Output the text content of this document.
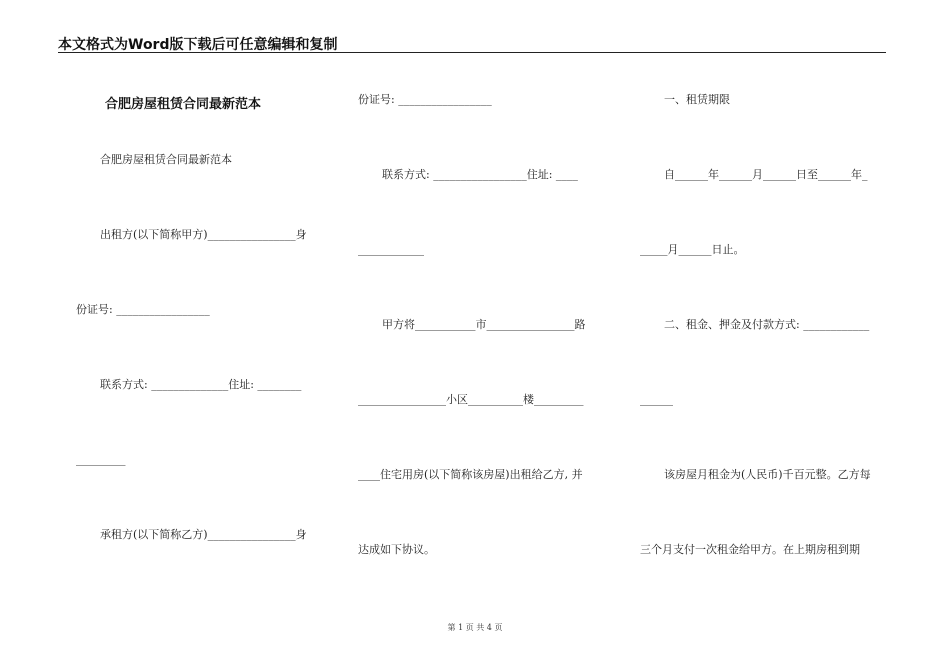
本文格式为Word版下载后可任意编辑和复制
合肥房屋租赁合同最新范本
合肥房屋租赁合同最新范本
出租方(以下简称甲方)________________身
份证号: _________________
联系方式: ______________住址: ________
_________
承租方(以下简称乙方)________________身
份证号: _________________
联系方式: _________________住址: ____
____________
甲方将___________市________________路
________________小区__________楼_________
____住宅用房(以下简称该房屋)出租给乙方, 并
达成如下协议。
一、租赁期限
自______年______月______日至______年_
_____月______日止。
二、租金、押金及付款方式: ____________
______
该房屋月租金为(人民币)千百元整。乙方每
三个月支付一次租金给甲方。在上期房租到期
第 1 页 共 4 页
